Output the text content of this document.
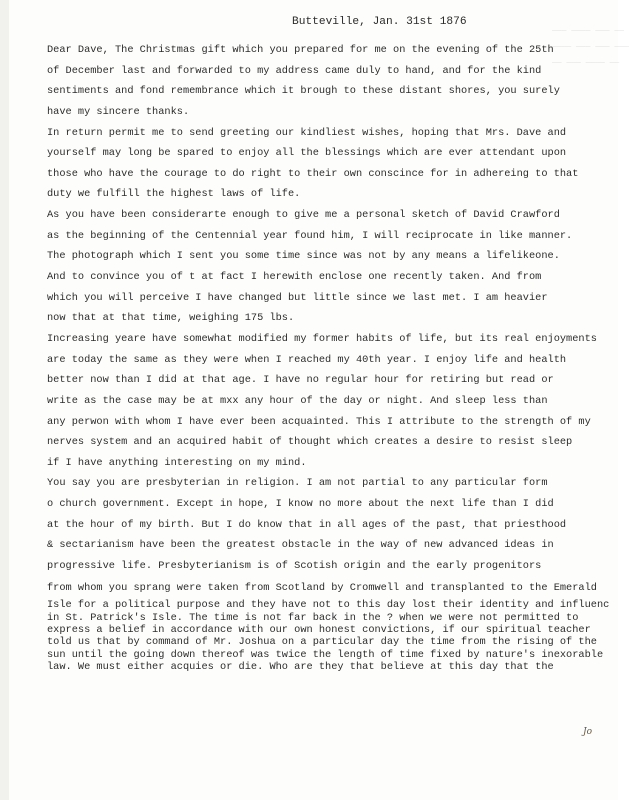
─── ──── ─── ──
──── ─── ─── ───
── ─── ──── ──
Butteville, Jan. 31st 1876
Dear Dave, The Christmas gift which you prepared for me on the evening of the 25th
of December last and forwarded to my address came duly to hand, and for the kind
sentiments and fond remembrance which it brough to these distant shores, you surely
have my sincere thanks.
In return permit me to send greeting our kindliest wishes, hoping that Mrs. Dave and
yourself may long be spared to enjoy all the blessings which are ever attendant upon
those who have the courage to do right to their own conscince for in adhereing to that
duty we fulfill the highest laws of life.
As you have been considerarte enough to give me a personal sketch of David Crawford
as the beginning of the Centennial year found him, I will reciprocate in like manner.
The photograph which I sent you some time since was not by any means a lifelikeone.
And to convince you of t at fact I herewith enclose one recently taken. And from
which you will perceive I have changed but little since we last met. I am heavier
now that at that time, weighing 175 lbs.
Increasing yeare have somewhat modified my former habits of life, but its real enjoyments
are today the same as they were when I reached my 40th year. I enjoy life and health
better now than I did at that age. I have no regular hour for retiring but read or
write as the case may be at mxx any hour of the day or night. And sleep less than
any perwon with whom I have ever been acquainted. This I attribute to the strength of my
nerves system and an acquired habit of thought which creates a desire to resist sleep
if I have anything interesting on my mind.
You say you are presbyterian in religion. I am not partial to any particular form
o church government. Except in hope, I know no more about the next life than I did
at the hour of my birth. But I do know that in all ages of the past, that priesthood
& sectarianism have been the greatest obstacle in the way of new advanced ideas in
progressive life. Presbyterianism is of Scotish origin and the early progenitors
from whom you sprang were taken from Scotland by Cromwell and transplanted to the Emerald
Isle for a political purpose and they have not to this day lost their identity and influenc
in St. Patrick's Isle. The time is not far back in the ? when we were not permitted to
express a belief in accordance with our own honest convictions, if our spiritual teacher
told us that by command of Mr. Joshua on a particular day the time from the rising of the
sun until the going down thereof was twice the length of time fixed by nature's inexorable
law. We must either acquies or die. Who are they that believe at this day that the
Jo
